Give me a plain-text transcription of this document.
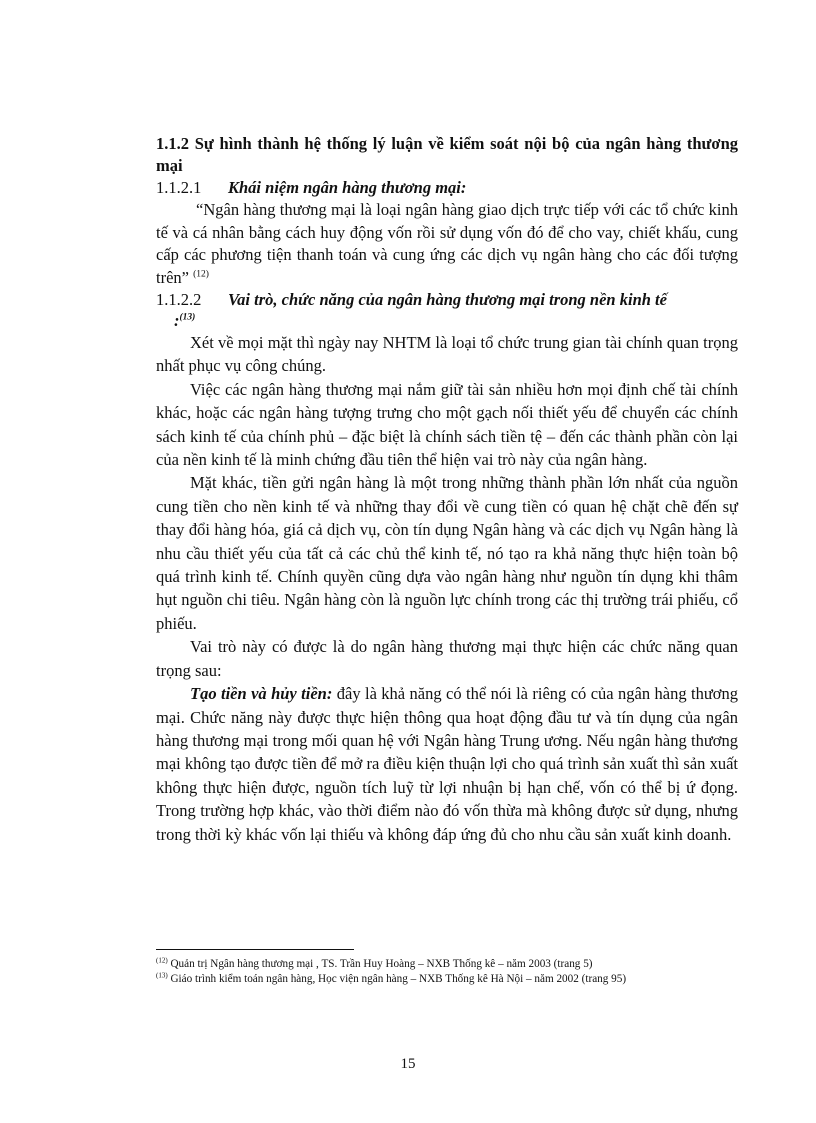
1.1.2 Sự hình thành hệ thống lý luận về kiểm soát nội bộ của ngân hàng thương mại
1.1.2.1	Khái niệm ngân hàng thương mại:

“Ngân hàng thương mại là loại ngân hàng giao dịch trực tiếp với các tổ chức kinh tế và cá nhân bằng cách huy động vốn rồi sử dụng vốn đó để cho vay, chiết khấu, cung cấp các phương tiện thanh toán và cung ứng các dịch vụ ngân hàng cho các đối tượng trên” $^{(12)}$

1.1.2.2	Vai trò, chức năng của ngân hàng thương mại trong nền kinh tế
:$^{(13)}$

Xét về mọi mặt thì ngày nay NHTM là loại tổ chức trung gian tài chính quan trọng nhất phục vụ công chúng.

Việc các ngân hàng thương mại nắm giữ tài sản nhiều hơn mọi định chế tài chính khác, hoặc các ngân hàng tượng trưng cho một gạch nối thiết yếu để chuyển các chính sách kinh tế của chính phủ – đặc biệt là chính sách tiền tệ – đến các thành phần còn lại của nền kinh tế là minh chứng đầu tiên thể hiện vai trò này của ngân hàng.

Mặt khác, tiền gửi ngân hàng là một trong những thành phần lớn nhất của nguồn cung tiền cho nền kinh tế và những thay đổi về cung tiền có quan hệ chặt chẽ đến sự thay đổi hàng hóa, giá cả dịch vụ, còn tín dụng Ngân hàng và các dịch vụ Ngân hàng là nhu cầu thiết yếu của tất cả các chủ thể kinh tế, nó tạo ra khả năng thực hiện toàn bộ quá trình kinh tế. Chính quyền cũng dựa vào ngân hàng như nguồn tín dụng khi thâm hụt nguồn chi tiêu. Ngân hàng còn là nguồn lực chính trong các thị trường trái phiếu, cổ phiếu.

Vai trò này có được là do ngân hàng thương mại thực hiện các chức năng quan trọng sau:

Tạo tiền và hủy tiền: đây là khả năng có thể nói là riêng có của ngân hàng thương mại. Chức năng này được thực hiện thông qua hoạt động đầu tư và tín dụng của ngân hàng thương mại trong mối quan hệ với Ngân hàng Trung ương. Nếu ngân hàng thương mại không tạo được tiền để mở ra điều kiện thuận lợi cho quá trình sản xuất thì sản xuất không thực hiện được, nguồn tích luỹ từ lợi nhuận bị hạn chế, vốn có thể bị ứ đọng. Trong trường hợp khác, vào thời điểm nào đó vốn thừa mà không được sử dụng, nhưng trong thời kỳ khác vốn lại thiếu và không đáp ứng đủ cho nhu cầu sản xuất kinh doanh.

$^{(12)}$ Quản trị Ngân hàng thương mại , TS. Trần Huy Hoàng – NXB Thống kê – năm 2003 (trang 5)
$^{(13)}$ Giáo trình kiểm toán ngân hàng, Học viện ngân hàng – NXB Thống kê Hà Nội – năm 2002 (trang 95)
15
